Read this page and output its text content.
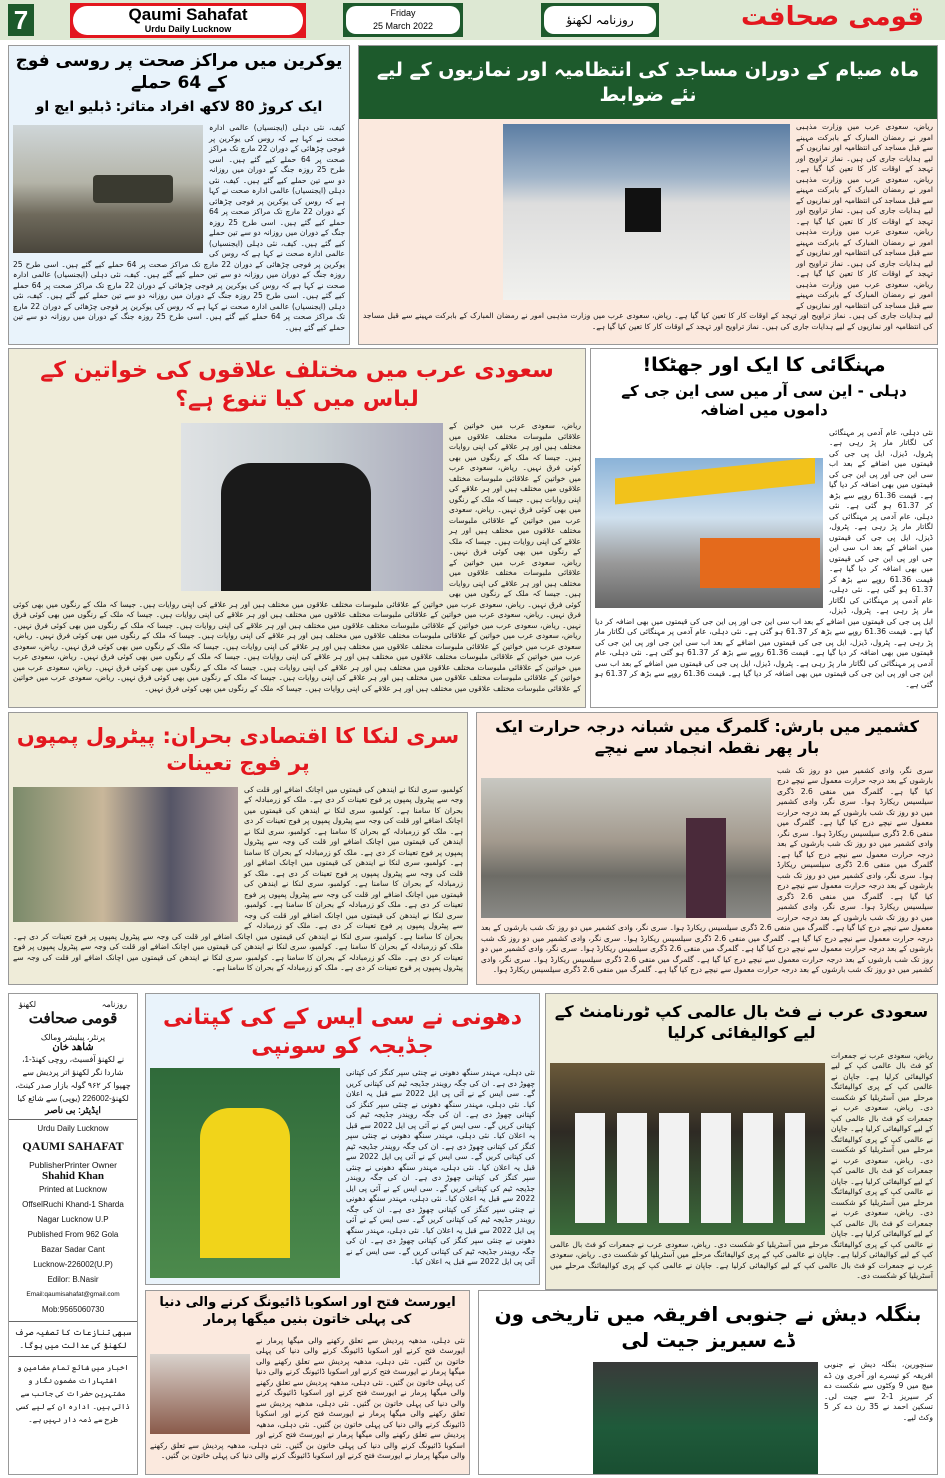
7	Qaumi Sahafat
Urdu Daily Lucknow
Friday
25 March 2022	روزنامہ لکھنؤ	قومی صحافت
یوکرین میں مراکز صحت پر روسی فوج کے 64 حملے
ایک کروڑ 80 لاکھ افراد متاثر: ڈبلیو ایچ او
کیف، نئی دہلی (ایجنسیاں) عالمی ادارہ صحت نے کہا ہے کہ روس کی یوکرین پر فوجی چڑھائی کے دوران 22 مارچ تک مراکز صحت پر 64 حملے کیے گئے ہیں۔ اسی طرح 25 روزہ جنگ کے دوران میں روزانہ دو سے تین حملے کیے گئے ہیں۔ کیف، نئی دہلی (ایجنسیاں) عالمی ادارہ صحت نے کہا ہے کہ روس کی یوکرین پر فوجی چڑھائی کے دوران 22 مارچ تک مراکز صحت پر 64 حملے کیے گئے ہیں۔ اسی طرح 25 روزہ جنگ کے دوران میں روزانہ دو سے تین حملے کیے گئے ہیں۔ کیف، نئی دہلی (ایجنسیاں) عالمی ادارہ صحت نے کہا ہے کہ روس کی یوکرین پر فوجی چڑھائی کے دوران 22 مارچ تک مراکز صحت پر 64 حملے کیے گئے ہیں۔ اسی طرح 25 روزہ جنگ کے دوران میں روزانہ دو سے تین حملے کیے گئے ہیں۔ کیف، نئی دہلی (ایجنسیاں) عالمی ادارہ صحت نے کہا ہے کہ روس کی یوکرین پر فوجی چڑھائی کے دوران 22 مارچ تک مراکز صحت پر 64 حملے کیے گئے ہیں۔ اسی طرح 25 روزہ جنگ کے دوران میں روزانہ دو سے تین حملے کیے گئے ہیں۔ کیف، نئی دہلی (ایجنسیاں) عالمی ادارہ صحت نے کہا ہے کہ روس کی یوکرین پر فوجی چڑھائی کے دوران 22 مارچ تک مراکز صحت پر 64 حملے کیے گئے ہیں۔ اسی طرح 25 روزہ جنگ کے دوران میں روزانہ دو سے تین حملے کیے گئے ہیں۔
ماہ صیام کے دوران مساجد کی انتظامیہ اور نمازیوں کے لیے نئے ضوابط
ریاض، سعودی عرب میں وزارت مذہبی امور نے رمضان المبارک کے بابرکت مہینے سے قبل مساجد کی انتظامیہ اور نمازیوں کے لیے ہدایات جاری کی ہیں۔ نماز تراویح اور تہجد کے اوقات کار کا تعین کیا گیا ہے۔ ریاض، سعودی عرب میں وزارت مذہبی امور نے رمضان المبارک کے بابرکت مہینے سے قبل مساجد کی انتظامیہ اور نمازیوں کے لیے ہدایات جاری کی ہیں۔ نماز تراویح اور تہجد کے اوقات کار کا تعین کیا گیا ہے۔ ریاض، سعودی عرب میں وزارت مذہبی امور نے رمضان المبارک کے بابرکت مہینے سے قبل مساجد کی انتظامیہ اور نمازیوں کے لیے ہدایات جاری کی ہیں۔ نماز تراویح اور تہجد کے اوقات کار کا تعین کیا گیا ہے۔ ریاض، سعودی عرب میں وزارت مذہبی امور نے رمضان المبارک کے بابرکت مہینے سے قبل مساجد کی انتظامیہ اور نمازیوں کے لیے ہدایات جاری کی ہیں۔ نماز تراویح اور تہجد کے اوقات کار کا تعین کیا گیا ہے۔ ریاض، سعودی عرب میں وزارت مذہبی امور نے رمضان المبارک کے بابرکت مہینے سے قبل مساجد کی انتظامیہ اور نمازیوں کے لیے ہدایات جاری کی ہیں۔ نماز تراویح اور تہجد کے اوقات کار کا تعین کیا گیا ہے۔
سعودی عرب میں مختلف علاقوں کی خواتین کے لباس میں کیا تنوع ہے؟
ریاض، سعودی عرب میں خواتین کے علاقائی ملبوسات مختلف علاقوں میں مختلف ہیں اور ہر علاقے کی اپنی روایات ہیں۔ جیسا کہ ملک کے رنگوں میں بھی کوئی فرق نہیں۔ ریاض، سعودی عرب میں خواتین کے علاقائی ملبوسات مختلف علاقوں میں مختلف ہیں اور ہر علاقے کی اپنی روایات ہیں۔ جیسا کہ ملک کے رنگوں میں بھی کوئی فرق نہیں۔ ریاض، سعودی عرب میں خواتین کے علاقائی ملبوسات مختلف علاقوں میں مختلف ہیں اور ہر علاقے کی اپنی روایات ہیں۔ جیسا کہ ملک کے رنگوں میں بھی کوئی فرق نہیں۔ ریاض، سعودی عرب میں خواتین کے علاقائی ملبوسات مختلف علاقوں میں مختلف ہیں اور ہر علاقے کی اپنی روایات ہیں۔ جیسا کہ ملک کے رنگوں میں بھی کوئی فرق نہیں۔ ریاض، سعودی عرب میں خواتین کے علاقائی ملبوسات مختلف علاقوں میں مختلف ہیں اور ہر علاقے کی اپنی روایات ہیں۔ جیسا کہ ملک کے رنگوں میں بھی کوئی فرق نہیں۔ ریاض، سعودی عرب میں خواتین کے علاقائی ملبوسات مختلف علاقوں میں مختلف ہیں اور ہر علاقے کی اپنی روایات ہیں۔ جیسا کہ ملک کے رنگوں میں بھی کوئی فرق نہیں۔ ریاض، سعودی عرب میں خواتین کے علاقائی ملبوسات مختلف علاقوں میں مختلف ہیں اور ہر علاقے کی اپنی روایات ہیں۔ جیسا کہ ملک کے رنگوں میں بھی کوئی فرق نہیں۔ ریاض، سعودی عرب میں خواتین کے علاقائی ملبوسات مختلف علاقوں میں مختلف ہیں اور ہر علاقے کی اپنی روایات ہیں۔ جیسا کہ ملک کے رنگوں میں بھی کوئی فرق نہیں۔ ریاض، سعودی عرب میں خواتین کے علاقائی ملبوسات مختلف علاقوں میں مختلف ہیں اور ہر علاقے کی اپنی روایات ہیں۔ جیسا کہ ملک کے رنگوں میں بھی کوئی فرق نہیں۔ ریاض، سعودی عرب میں خواتین کے علاقائی ملبوسات مختلف علاقوں میں مختلف ہیں اور ہر علاقے کی اپنی روایات ہیں۔ جیسا کہ ملک کے رنگوں میں بھی کوئی فرق نہیں۔ ریاض، سعودی عرب میں خواتین کے علاقائی ملبوسات مختلف علاقوں میں مختلف ہیں اور ہر علاقے کی اپنی روایات ہیں۔ جیسا کہ ملک کے رنگوں میں بھی کوئی فرق نہیں۔ ریاض، سعودی عرب میں خواتین کے علاقائی ملبوسات مختلف علاقوں میں مختلف ہیں اور ہر علاقے کی اپنی روایات ہیں۔ جیسا کہ ملک کے رنگوں میں بھی کوئی فرق نہیں۔ ریاض، سعودی عرب میں خواتین کے علاقائی ملبوسات مختلف علاقوں میں مختلف ہیں اور ہر علاقے کی اپنی روایات ہیں۔ جیسا کہ ملک کے رنگوں میں بھی کوئی فرق نہیں۔
مہنگائی کا ایک اور جھٹکا!
دہلی - این سی آر میں سی این جی کے داموں میں اضافہ
نئی دہلی، عام آدمی پر مہنگائی کی لگاتار مار پڑ رہی ہے۔ پٹرول، ڈیزل، ایل پی جی کی قیمتوں میں اضافے کے بعد اب سی این جی اور پی این جی کی قیمتوں میں بھی اضافہ کر دیا گیا ہے۔ قیمت 61.36 روپے سے بڑھ کر 61.37 ہو گئی ہے۔ نئی دہلی، عام آدمی پر مہنگائی کی لگاتار مار پڑ رہی ہے۔ پٹرول، ڈیزل، ایل پی جی کی قیمتوں میں اضافے کے بعد اب سی این جی اور پی این جی کی قیمتوں میں بھی اضافہ کر دیا گیا ہے۔ قیمت 61.36 روپے سے بڑھ کر 61.37 ہو گئی ہے۔ نئی دہلی، عام آدمی پر مہنگائی کی لگاتار مار پڑ رہی ہے۔ پٹرول، ڈیزل، ایل پی جی کی قیمتوں میں اضافے کے بعد اب سی این جی اور پی این جی کی قیمتوں میں بھی اضافہ کر دیا گیا ہے۔ قیمت 61.36 روپے سے بڑھ کر 61.37 ہو گئی ہے۔ نئی دہلی، عام آدمی پر مہنگائی کی لگاتار مار پڑ رہی ہے۔ پٹرول، ڈیزل، ایل پی جی کی قیمتوں میں اضافے کے بعد اب سی این جی اور پی این جی کی قیمتوں میں بھی اضافہ کر دیا گیا ہے۔ قیمت 61.36 روپے سے بڑھ کر 61.37 ہو گئی ہے۔ نئی دہلی، عام آدمی پر مہنگائی کی لگاتار مار پڑ رہی ہے۔ پٹرول، ڈیزل، ایل پی جی کی قیمتوں میں اضافے کے بعد اب سی این جی اور پی این جی کی قیمتوں میں بھی اضافہ کر دیا گیا ہے۔ قیمت 61.36 روپے سے بڑھ کر 61.37 ہو گئی ہے۔
سری لنکا کا اقتصادی بحران: پیٹرول پمپوں پر فوج تعینات
کولمبو، سری لنکا نے ایندھن کی قیمتوں میں اچانک اضافے اور قلت کی وجہ سے پیٹرول پمپوں پر فوج تعینات کر دی ہے۔ ملک کو زرمبادلہ کے بحران کا سامنا ہے۔ کولمبو، سری لنکا نے ایندھن کی قیمتوں میں اچانک اضافے اور قلت کی وجہ سے پیٹرول پمپوں پر فوج تعینات کر دی ہے۔ ملک کو زرمبادلہ کے بحران کا سامنا ہے۔ کولمبو، سری لنکا نے ایندھن کی قیمتوں میں اچانک اضافے اور قلت کی وجہ سے پیٹرول پمپوں پر فوج تعینات کر دی ہے۔ ملک کو زرمبادلہ کے بحران کا سامنا ہے۔ کولمبو، سری لنکا نے ایندھن کی قیمتوں میں اچانک اضافے اور قلت کی وجہ سے پیٹرول پمپوں پر فوج تعینات کر دی ہے۔ ملک کو زرمبادلہ کے بحران کا سامنا ہے۔ کولمبو، سری لنکا نے ایندھن کی قیمتوں میں اچانک اضافے اور قلت کی وجہ سے پیٹرول پمپوں پر فوج تعینات کر دی ہے۔ ملک کو زرمبادلہ کے بحران کا سامنا ہے۔ کولمبو، سری لنکا نے ایندھن کی قیمتوں میں اچانک اضافے اور قلت کی وجہ سے پیٹرول پمپوں پر فوج تعینات کر دی ہے۔ ملک کو زرمبادلہ کے بحران کا سامنا ہے۔ کولمبو، سری لنکا نے ایندھن کی قیمتوں میں اچانک اضافے اور قلت کی وجہ سے پیٹرول پمپوں پر فوج تعینات کر دی ہے۔ ملک کو زرمبادلہ کے بحران کا سامنا ہے۔ کولمبو، سری لنکا نے ایندھن کی قیمتوں میں اچانک اضافے اور قلت کی وجہ سے پیٹرول پمپوں پر فوج تعینات کر دی ہے۔ ملک کو زرمبادلہ کے بحران کا سامنا ہے۔ کولمبو، سری لنکا نے ایندھن کی قیمتوں میں اچانک اضافے اور قلت کی وجہ سے پیٹرول پمپوں پر فوج تعینات کر دی ہے۔ ملک کو زرمبادلہ کے بحران کا سامنا ہے۔
کشمیر میں بارش: گلمرگ میں شبانہ درجہ حرارت ایک بار پھر نقطہ انجماد سے نیچے
سری نگر، وادی کشمیر میں دو روز تک شب بارشوں کے بعد درجہ حرارت معمول سے نیچے درج کیا گیا ہے۔ گلمرگ میں منفی 2.6 ڈگری سیلسیس ریکارڈ ہوا۔ سری نگر، وادی کشمیر میں دو روز تک شب بارشوں کے بعد درجہ حرارت معمول سے نیچے درج کیا گیا ہے۔ گلمرگ میں منفی 2.6 ڈگری سیلسیس ریکارڈ ہوا۔ سری نگر، وادی کشمیر میں دو روز تک شب بارشوں کے بعد درجہ حرارت معمول سے نیچے درج کیا گیا ہے۔ گلمرگ میں منفی 2.6 ڈگری سیلسیس ریکارڈ ہوا۔ سری نگر، وادی کشمیر میں دو روز تک شب بارشوں کے بعد درجہ حرارت معمول سے نیچے درج کیا گیا ہے۔ گلمرگ میں منفی 2.6 ڈگری سیلسیس ریکارڈ ہوا۔ سری نگر، وادی کشمیر میں دو روز تک شب بارشوں کے بعد درجہ حرارت معمول سے نیچے درج کیا گیا ہے۔ گلمرگ میں منفی 2.6 ڈگری سیلسیس ریکارڈ ہوا۔ سری نگر، وادی کشمیر میں دو روز تک شب بارشوں کے بعد درجہ حرارت معمول سے نیچے درج کیا گیا ہے۔ گلمرگ میں منفی 2.6 ڈگری سیلسیس ریکارڈ ہوا۔ سری نگر، وادی کشمیر میں دو روز تک شب بارشوں کے بعد درجہ حرارت معمول سے نیچے درج کیا گیا ہے۔ گلمرگ میں منفی 2.6 ڈگری سیلسیس ریکارڈ ہوا۔ سری نگر، وادی کشمیر میں دو روز تک شب بارشوں کے بعد درجہ حرارت معمول سے نیچے درج کیا گیا ہے۔ گلمرگ میں منفی 2.6 ڈگری سیلسیس ریکارڈ ہوا۔ سری نگر، وادی کشمیر میں دو روز تک شب بارشوں کے بعد درجہ حرارت معمول سے نیچے درج کیا گیا ہے۔ گلمرگ میں منفی 2.6 ڈگری سیلسیس ریکارڈ ہوا۔
روزنامہ
لکھنؤ
قومی صحافت
پرنٹر، پبلیشر ومالک
شاهد خان
نے لکھنؤ آفسیٹ، روچی کھنڈ-1، شاردا نگر لکھنؤ اتر پردیش سے چھپوا کر ۹۶۲ گولہ بازار صدر کینٹ، لکھنؤ-226002 (یوپی) سے شائع کیا
ایڈیٹر: بی ناصر
Urdu Daily Lucknow
QAUMI SAHAFAT
PublisherPrinter Owner
Shahid Khan
Printed at Lucknow
OffselRuchi Khand-1 Sharda
Nagar Lucknow U.P
Published From 962 Gola
Bazar Sadar Cant
Lucknow-226002(U.P)
Edilor: B.Nasir
Email:qaumisahafat@gmail.com
Mob:9565060730
سبھی تنازعات کا تصفیہ صرف لکھنؤ کی عدالت میں ہوگا۔
اخبار میں شائع تمام مضامین و اشتہارات مضمون نگار و مشتہرین حضرات کی جانب سے ذاتی ہیں۔ ادارہ ان کے لیے کسی طرح سے ذمہ دار نہیں ہے۔
دھونی نے سی ایس کے کی کپتانی جڈیجہ کو سونپی
نئی دہلی، مہندر سنگھ دھونی نے چنئی سپر کنگز کی کپتانی چھوڑ دی ہے۔ ان کی جگہ رویندر جڈیجہ ٹیم کی کپتانی کریں گے۔ سی ایس کے نے آئی پی ایل 2022 سے قبل یہ اعلان کیا۔ نئی دہلی، مہندر سنگھ دھونی نے چنئی سپر کنگز کی کپتانی چھوڑ دی ہے۔ ان کی جگہ رویندر جڈیجہ ٹیم کی کپتانی کریں گے۔ سی ایس کے نے آئی پی ایل 2022 سے قبل یہ اعلان کیا۔ نئی دہلی، مہندر سنگھ دھونی نے چنئی سپر کنگز کی کپتانی چھوڑ دی ہے۔ ان کی جگہ رویندر جڈیجہ ٹیم کی کپتانی کریں گے۔ سی ایس کے نے آئی پی ایل 2022 سے قبل یہ اعلان کیا۔ نئی دہلی، مہندر سنگھ دھونی نے چنئی سپر کنگز کی کپتانی چھوڑ دی ہے۔ ان کی جگہ رویندر جڈیجہ ٹیم کی کپتانی کریں گے۔ سی ایس کے نے آئی پی ایل 2022 سے قبل یہ اعلان کیا۔ نئی دہلی، مہندر سنگھ دھونی نے چنئی سپر کنگز کی کپتانی چھوڑ دی ہے۔ ان کی جگہ رویندر جڈیجہ ٹیم کی کپتانی کریں گے۔ سی ایس کے نے آئی پی ایل 2022 سے قبل یہ اعلان کیا۔ نئی دہلی، مہندر سنگھ دھونی نے چنئی سپر کنگز کی کپتانی چھوڑ دی ہے۔ ان کی جگہ رویندر جڈیجہ ٹیم کی کپتانی کریں گے۔ سی ایس کے نے آئی پی ایل 2022 سے قبل یہ اعلان کیا۔
سعودی عرب نے فٹ بال عالمی کپ ٹورنامنٹ کے لیے کوالیفائی کرلیا
ریاض، سعودی عرب نے جمعرات کو فٹ بال عالمی کپ کے لیے کوالیفائی کرلیا ہے۔ جاپان نے عالمی کپ کے پری کوالیفائنگ مرحلے میں آسٹریلیا کو شکست دی۔ ریاض، سعودی عرب نے جمعرات کو فٹ بال عالمی کپ کے لیے کوالیفائی کرلیا ہے۔ جاپان نے عالمی کپ کے پری کوالیفائنگ مرحلے میں آسٹریلیا کو شکست دی۔ ریاض، سعودی عرب نے جمعرات کو فٹ بال عالمی کپ کے لیے کوالیفائی کرلیا ہے۔ جاپان نے عالمی کپ کے پری کوالیفائنگ مرحلے میں آسٹریلیا کو شکست دی۔ ریاض، سعودی عرب نے جمعرات کو فٹ بال عالمی کپ کے لیے کوالیفائی کرلیا ہے۔ جاپان نے عالمی کپ کے پری کوالیفائنگ مرحلے میں آسٹریلیا کو شکست دی۔ ریاض، سعودی عرب نے جمعرات کو فٹ بال عالمی کپ کے لیے کوالیفائی کرلیا ہے۔ جاپان نے عالمی کپ کے پری کوالیفائنگ مرحلے میں آسٹریلیا کو شکست دی۔ ریاض، سعودی عرب نے جمعرات کو فٹ بال عالمی کپ کے لیے کوالیفائی کرلیا ہے۔ جاپان نے عالمی کپ کے پری کوالیفائنگ مرحلے میں آسٹریلیا کو شکست دی۔
ایورسٹ فتح اور اسکوبا ڈائیونگ کرنے والی دنیا کی پہلی خاتون بنیں میگھا پرمار
نئی دہلی، مدھیہ پردیش سے تعلق رکھنے والی میگھا پرمار نے ایورسٹ فتح کرنے اور اسکوبا ڈائیونگ کرنے والی دنیا کی پہلی خاتون بن گئیں۔ نئی دہلی، مدھیہ پردیش سے تعلق رکھنے والی میگھا پرمار نے ایورسٹ فتح کرنے اور اسکوبا ڈائیونگ کرنے والی دنیا کی پہلی خاتون بن گئیں۔ نئی دہلی، مدھیہ پردیش سے تعلق رکھنے والی میگھا پرمار نے ایورسٹ فتح کرنے اور اسکوبا ڈائیونگ کرنے والی دنیا کی پہلی خاتون بن گئیں۔ نئی دہلی، مدھیہ پردیش سے تعلق رکھنے والی میگھا پرمار نے ایورسٹ فتح کرنے اور اسکوبا ڈائیونگ کرنے والی دنیا کی پہلی خاتون بن گئیں۔ نئی دہلی، مدھیہ پردیش سے تعلق رکھنے والی میگھا پرمار نے ایورسٹ فتح کرنے اور اسکوبا ڈائیونگ کرنے والی دنیا کی پہلی خاتون بن گئیں۔ نئی دہلی، مدھیہ پردیش سے تعلق رکھنے والی میگھا پرمار نے ایورسٹ فتح کرنے اور اسکوبا ڈائیونگ کرنے والی دنیا کی پہلی خاتون بن گئیں۔
بنگلہ دیش نے جنوبی افریقہ میں تاریخی ون ڈے سیریز جیت لی
سنچورین، بنگلہ دیش نے جنوبی افریقہ کو تیسرے اور آخری ون ڈے میچ میں 9 وکٹوں سے شکست دے کر سیریز 1-2 سے جیت لی۔ تسکین احمد نے 35 رن دے کر 5 وکٹ لیے۔
